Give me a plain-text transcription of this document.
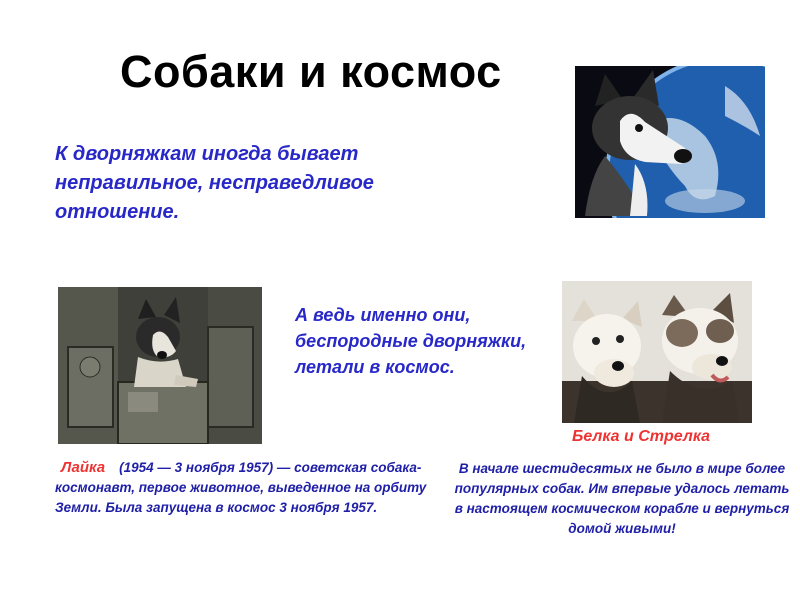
Собаки и космос
К дворняжкам иногда бывает неправильное, несправедливое отношение.
А ведь именно они, беспородные дворняжки, летали в космос.
Белка и Стрелка
В начале шестидесятых не было в мире более популярных собак. Им впервые удалось летать в настоящем космическом корабле и вернуться домой живыми!
Лайка (1954 — 3 ноября 1957) — советская собака-космонавт, первое животное, выведенное на орбиту Земли. Была запущена в космос 3 ноября 1957.
